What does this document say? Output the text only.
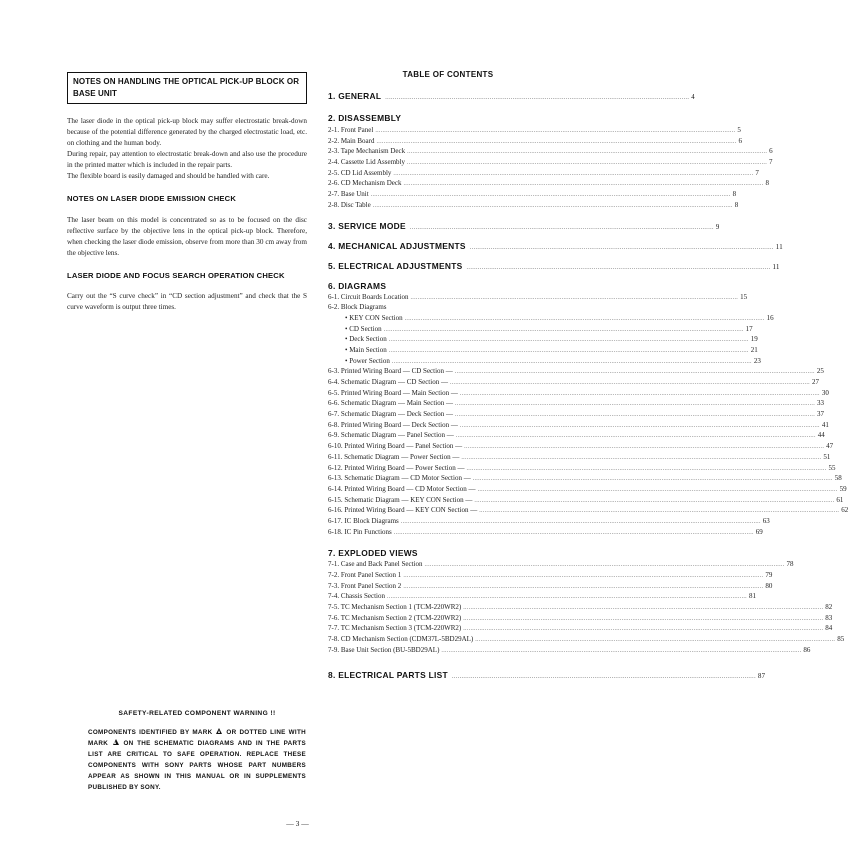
NOTES ON HANDLING THE OPTICAL PICK-UP BLOCK OR BASE UNIT

The laser diode in the optical pick-up block may suffer electrostatic break-down because of the potential difference generated by the charged electrostatic load, etc. on clothing and the human body.

During repair, pay attention to electrostatic break-down and also use the procedure in the printed matter which is included in the repair parts.

The flexible board is easily damaged and should be handled with care.

NOTES ON LASER DIODE EMISSION CHECK

The laser beam on this model is concentrated so as to be focused on the disc reflective surface by the objective lens in the optical pick-up block. Therefore, when checking the laser diode emission, observe from more than 30 cm away from the objective lens.

LASER DIODE AND FOCUS SEARCH OPERATION CHECK

Carry out the “S curve check” in “CD section adjustment” and check that the S curve waveform is output three times.

SAFETY-RELATED COMPONENT WARNING !!

COMPONENTS IDENTIFIED BY MARK OR DOTTED LINE WITH MARK ON THE SCHEMATIC DIAGRAMS AND IN THE PARTS LIST ARE CRITICAL TO SAFE OPERATION. REPLACE THESE COMPONENTS WITH SONY PARTS WHOSE PART NUMBERS APPEAR AS SHOWN IN THIS MANUAL OR IN SUPPLEMENTS PUBLISHED BY SONY.

TABLE OF CONTENTS

1. GENERAL ................................................................................................................................................................ 4
2. DISASSEMBLY
2-1. Front Panel ........................................................................................................................................................................................................ 5
2-2. Main Board ........................................................................................................................................................................................................ 6
2-3. Tape Mechanism Deck ........................................................................................................................................................................................................ 6
2-4. Cassette Lid Assembly ........................................................................................................................................................................................................ 7
2-5. CD Lid Assembly ........................................................................................................................................................................................................ 7
2-6. CD Mechanism Deck ........................................................................................................................................................................................................ 8
2-7. Base Unit ........................................................................................................................................................................................................ 8
2-8. Disc Table ........................................................................................................................................................................................................ 8
3. SERVICE MODE ................................................................................................................................................................ 9
4. MECHANICAL ADJUSTMENTS ................................................................................................................................................................ 11
5. ELECTRICAL ADJUSTMENTS ................................................................................................................................................................ 11
6. DIAGRAMS
6-1. Circuit Boards Location ...................................................................................................................................................................................... 15
6-2. Block Diagrams
• KEY CON Section ........................................................................................................................................................................................................ 16
• CD Section ........................................................................................................................................................................................................ 17
• Deck Section ........................................................................................................................................................................................................ 19
• Main Section ........................................................................................................................................................................................................ 21
• Power Section ........................................................................................................................................................................................................ 23
6-3. Printed Wiring Board — CD Section — ........................................................................................................................................................................................................ 25
6-4. Schematic Diagram — CD Section — ........................................................................................................................................................................................................ 27
6-5. Printed Wiring Board — Main Section — ........................................................................................................................................................................................................ 30
6-6. Schematic Diagram — Main Section — ........................................................................................................................................................................................................ 33
6-7. Schematic Diagram — Deck Section — ........................................................................................................................................................................................................ 37
6-8. Printed Wiring Board — Deck Section — ........................................................................................................................................................................................................ 41
6-9. Schematic Diagram — Panel Section — ........................................................................................................................................................................................................ 44
6-10. Printed Wiring Board — Panel Section — ........................................................................................................................................................................................................ 47
6-11. Schematic Diagram — Power Section — ........................................................................................................................................................................................................ 51
6-12. Printed Wiring Board — Power Section — ........................................................................................................................................................................................................ 55
6-13. Schematic Diagram — CD Motor Section — ........................................................................................................................................................................................................ 58
6-14. Printed Wiring Board — CD Motor Section — ........................................................................................................................................................................................................ 59
6-15. Schematic Diagram — KEY CON Section — ........................................................................................................................................................................................................ 61
6-16. Printed Wiring Board — KEY CON Section — ........................................................................................................................................................................................................ 62
6-17. IC Block Diagrams ........................................................................................................................................................................................................ 63
6-18. IC Pin Functions ........................................................................................................................................................................................................ 69
7. EXPLODED VIEWS
7-1. Case and Back Panel Section ........................................................................................................................................................................................................ 78
7-2. Front Panel Section 1 ........................................................................................................................................................................................................ 79
7-3. Front Panel Section 2 ........................................................................................................................................................................................................ 80
7-4. Chassis Section ........................................................................................................................................................................................................ 81
7-5. TC Mechanism Section 1 (TCM-220WR2) ........................................................................................................................................................................................................ 82
7-6. TC Mechanism Section 2 (TCM-220WR2) ........................................................................................................................................................................................................ 83
7-7. TC Mechanism Section 3 (TCM-220WR2) ........................................................................................................................................................................................................ 84
7-8. CD Mechanism Section (CDM37L-5BD29AL) ........................................................................................................................................................................................................ 85
7-9. Base Unit Section (BU-5BD29AL) ........................................................................................................................................................................................................ 86
8. ELECTRICAL PARTS LIST ................................................................................................................................................................ 87
— 3 —
